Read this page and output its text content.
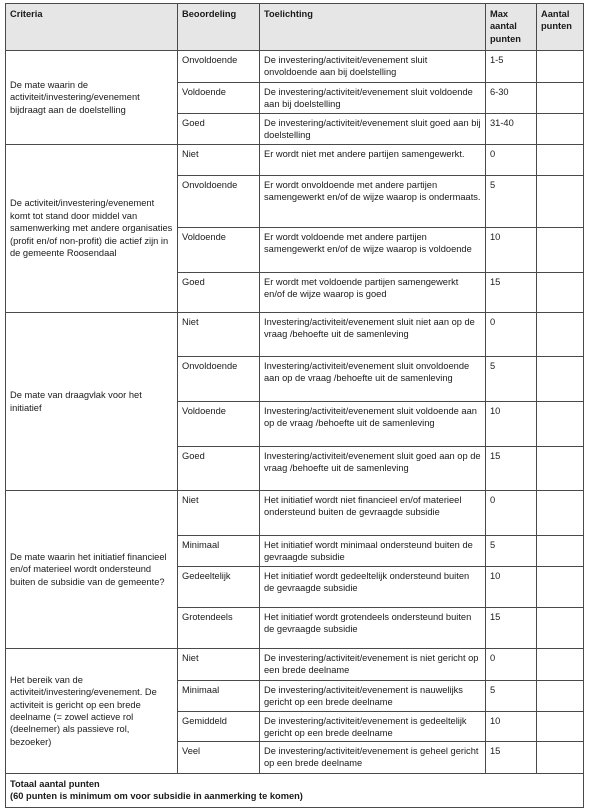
Criteria	Beoordeling	Toelichting	Max aantal punten	Aantal punten
De mate waarin de activiteit/investering/evenement bijdraagt aan de doelstelling	Onvoldoende	De investering/activiteit/evenement sluit onvoldoende aan bij doelstelling	1-5	
	Voldoende	De investering/activiteit/evenement sluit voldoende aan bij doelstelling	6-30	
	Goed	De investering/activiteit/evenement sluit goed aan bij doelstelling	31-40	
De activiteit/investering/evenement komt tot stand door middel van samenwerking met andere organisaties (profit en/of non-profit) die actief zijn in de gemeente Roosendaal	Niet	Er wordt niet met andere partijen samengewerkt.	0	
	Onvoldoende	Er wordt onvoldoende met andere partijen samengewerkt en/of de wijze waarop is ondermaats.	5	
	Voldoende	Er wordt voldoende met andere partijen samengewerkt en/of de wijze waarop is voldoende	10	
	Goed	Er wordt met voldoende partijen samengewerkt en/of de wijze waarop is goed	15	
De mate van draagvlak voor het initiatief	Niet	Investering/activiteit/evenement sluit niet aan op de vraag /behoefte uit de samenleving	0	
	Onvoldoende	Investering/activiteit/evenement sluit onvoldoende aan op de vraag /behoefte uit de samenleving	5	
	Voldoende	Investering/activiteit/evenement sluit voldoende aan op de vraag /behoefte uit de samenleving	10	
	Goed	Investering/activiteit/evenement sluit goed aan op de vraag /behoefte uit de samenleving	15	
De mate waarin het initiatief financieel en/of materieel wordt ondersteund buiten de subsidie van de gemeente?	Niet	Het initiatief wordt niet financieel en/of materieel ondersteund buiten de gevraagde subsidie	0	
	Minimaal	Het initiatief wordt minimaal ondersteund buiten de gevraagde subsidie	5	
	Gedeeltelijk	Het initiatief wordt gedeeltelijk ondersteund buiten de gevraagde subsidie	10	
	Grotendeels	Het initiatief wordt grotendeels ondersteund buiten de gevraagde subsidie	15	
Het bereik van de activiteit/investering/evenement. De activiteit is gericht op een brede deelname (= zowel actieve rol (deelnemer) als passieve rol, bezoeker)	Niet	De investering/activiteit/evenement is niet gericht op een brede deelname	0	
	Minimaal	De investering/activiteit/evenement is nauwelijks gericht op een brede deelname	5	
	Gemiddeld	De investering/activiteit/evenement is gedeeltelijk gericht op een brede deelname	10	
	Veel	De investering/activiteit/evenement is geheel gericht op een brede deelname	15	

Totaal aantal punten
(60 punten is minimum om voor subsidie in aanmerking te komen)				
